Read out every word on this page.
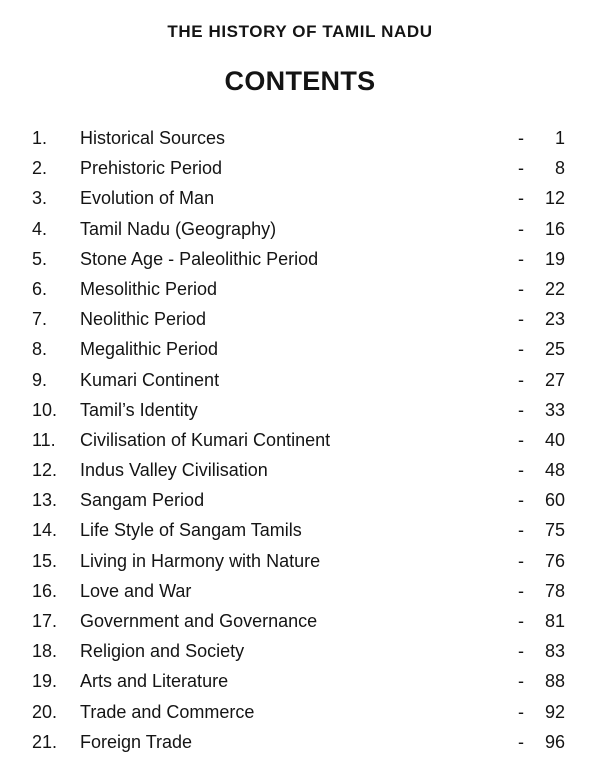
THE HISTORY OF TAMIL NADU
CONTENTS
1. Historical Sources	- 1
2. Prehistoric Period	- 8
3. Evolution of Man	- 12
4. Tamil Nadu (Geography)	- 16
5. Stone Age - Paleolithic Period	- 19
6. Mesolithic Period	- 22
7. Neolithic Period	- 23
8. Megalithic Period	- 25
9. Kumari Continent	- 27
10. Tamil’s Identity	- 33
11. Civilisation of Kumari Continent	- 40
12. Indus Valley Civilisation	- 48
13. Sangam Period	- 60
14. Life Style of Sangam Tamils	- 75
15. Living in Harmony with Nature	- 76
16. Love and War	- 78
17. Government and Governance	- 81
18. Religion and Society	- 83
19. Arts and Literature	- 88
20. Trade and Commerce	- 92
21. Foreign Trade	- 96
